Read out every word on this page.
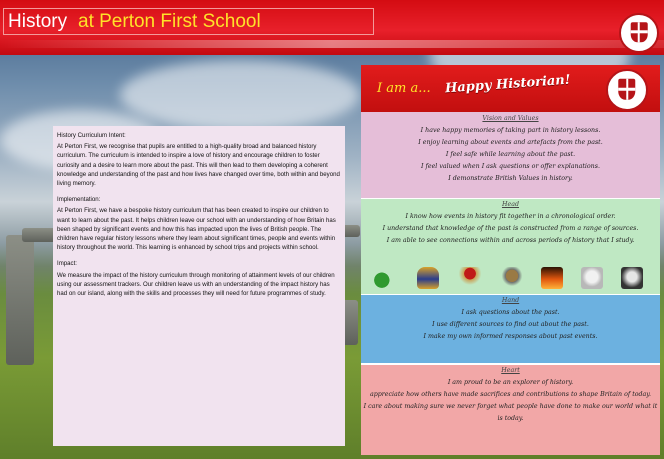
History at Perton First School

History Curriculum Intent:

At Perton First, we recognise that pupils are entitled to a high-quality broad and balanced history curriculum. The curriculum is intended to inspire a love of history and encourage children to foster curiosity and a desire to learn more about the past. This will then lead to them developing a coherent knowledge and understanding of the past and how lives have changed over time, both within and beyond living memory.

Implementation:

At Perton First, we have a bespoke history curriculum that has been created to inspire our children to want to learn about the past. It helps children leave our school with an understanding of how Britain has been shaped by significant events and how this has impacted upon the lives of British people. The children have regular history lessons where they learn about significant times, people and events within history throughout the world. This learning is enhanced by school trips and projects within school.

Impact:

We measure the impact of the history curriculum through monitoring of attainment levels of our children using our assessment trackers. Our children leave us with an understanding of the impact history has had on our island, along with the skills and processes they will need for future programmes of study.

I am a... Happy Historian!
Vision and Values
I have happy memories of taking part in history lessons.
I enjoy learning about events and artefacts from the past.
I feel safe while learning about the past.
I feel valued when I ask questions or offer explanations.
I demonstrate British Values in history.
Head
I know how events in history fit together in a chronological order.
I understand that knowledge of the past is constructed from a range of sources.
I am able to see connections within and across periods of history that I study.
Hand
I ask questions about the past.
I use different sources to find out about the past.
I make my own informed responses about past events.
Heart
I am proud to be an explorer of history.
appreciate how others have made sacrifices and contributions to shape Britain of today.
I care about making sure we never forget what people have done to make our world what it is today.
